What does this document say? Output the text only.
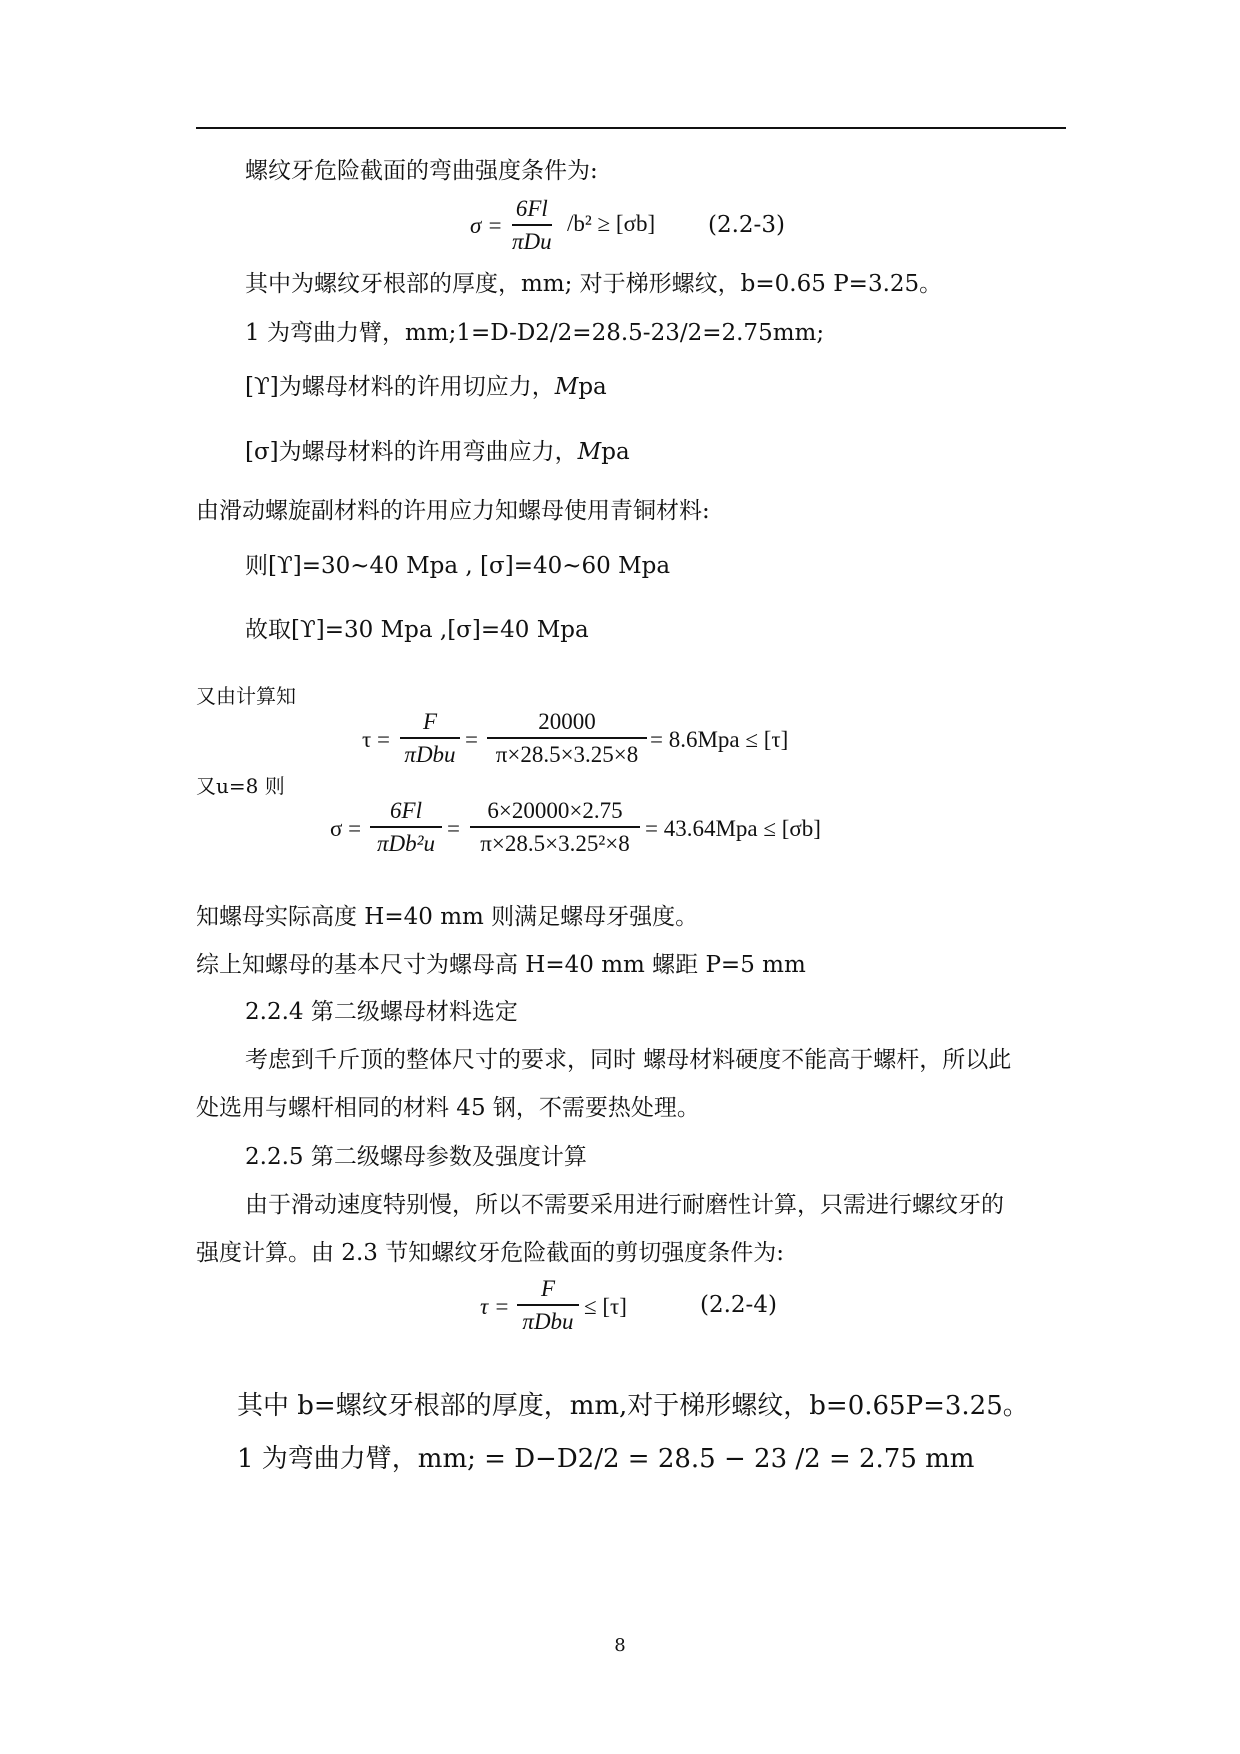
螺纹牙危险截面的弯曲强度条件为:
σ =
6Fl
πDu
/b² ≥ [σb] (2.2-3)
其中为螺纹牙根部的厚度，mm; 对于梯形螺纹，b=0.65 P=3.25。
1 为弯曲力臂，mm;1=D-D2/2=28.5-23/2=2.75mm;
[ϒ]为螺母材料的许用切应力，Mpa
[σ]为螺母材料的许用弯曲应力，Mpa
由滑动螺旋副材料的许用应力知螺母使用青铜材料:
则[ϒ]=30~40 Mpa , [σ]=40~60 Mpa
故取[ϒ]=30 Mpa ,[σ]=40 Mpa
又由计算知
τ =
F
πDbu
=
20000
π×28.5×3.25×8
= 8.6Mpa ≤ [τ]
又u=8 则
σ =
6Fl
πDb²u
=
6×20000×2.75
π×28.5×3.25²×8
= 43.64Mpa ≤ [σb]
知螺母实际高度 H=40 mm 则满足螺母牙强度。
综上知螺母的基本尺寸为螺母高 H=40 mm 螺距 P=5 mm
2.2.4 第二级螺母材料选定
考虑到千斤顶的整体尺寸的要求，同时 螺母材料硬度不能高于螺杆，所以此
处选用与螺杆相同的材料 45 钢，不需要热处理。
2.2.5 第二级螺母参数及强度计算
由于滑动速度特别慢，所以不需要采用进行耐磨性计算，只需进行螺纹牙的
强度计算。由 2.3 节知螺纹牙危险截面的剪切强度条件为:
τ =
F
πDbu
≤ [τ]	(2.2-4)
其中 b=螺纹牙根部的厚度，mm,对于梯形螺纹，b=0.65P=3.25。
1 为弯曲力臂，mm; = D−D2/2 = 28.5 − 23 /2 = 2.75 mm
8
